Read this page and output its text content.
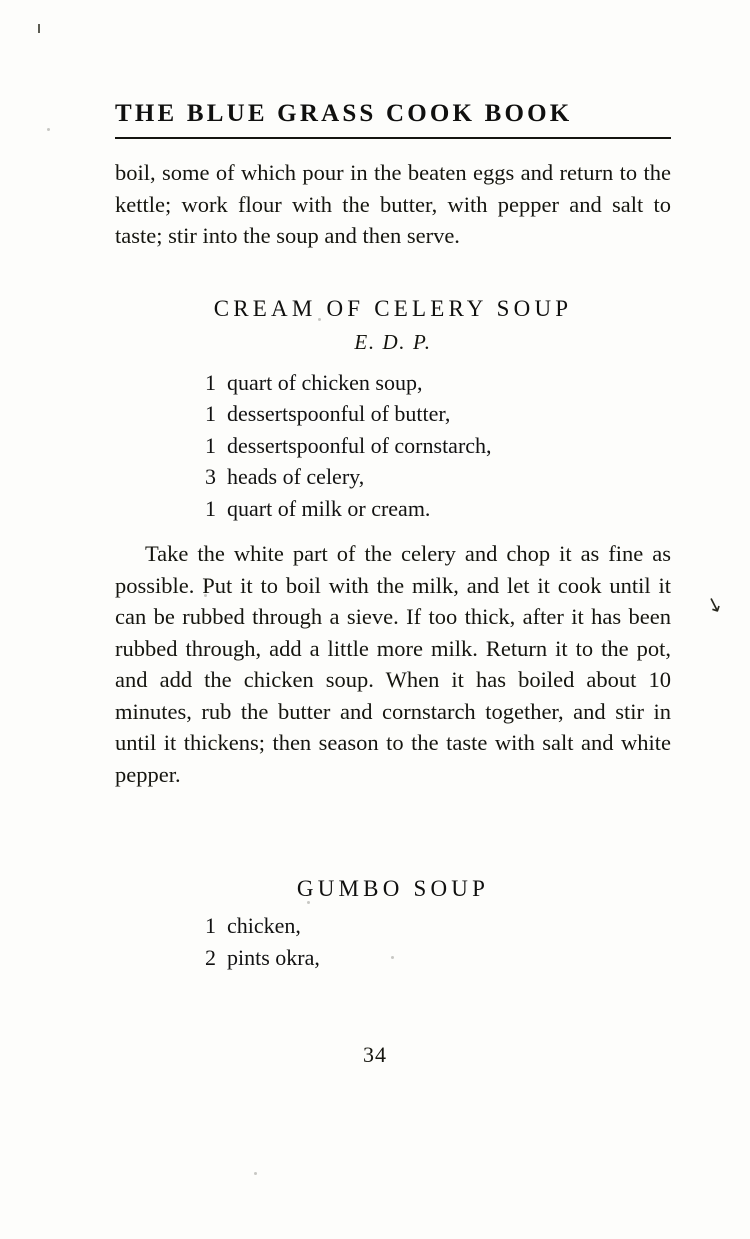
THE BLUE GRASS COOK BOOK
boil, some of which pour in the beaten eggs and return to the kettle; work flour with the butter, with pepper and salt to taste; stir into the soup and then serve.
CREAM OF CELERY SOUP
E. D. P.
1 quart of chicken soup,
1 dessertspoonful of butter,
1 dessertspoonful of cornstarch,
3 heads of celery,
1 quart of milk or cream.
Take the white part of the celery and chop it as fine as possible. Put it to boil with the milk, and let it cook until it can be rubbed through a sieve. If too thick, after it has been rubbed through, add a little more milk. Return it to the pot, and add the chicken soup. When it has boiled about 10 minutes, rub the butter and cornstarch together, and stir in until it thickens; then season to the taste with salt and white pepper.
GUMBO SOUP
1 chicken,
2 pints okra,
34
↘
